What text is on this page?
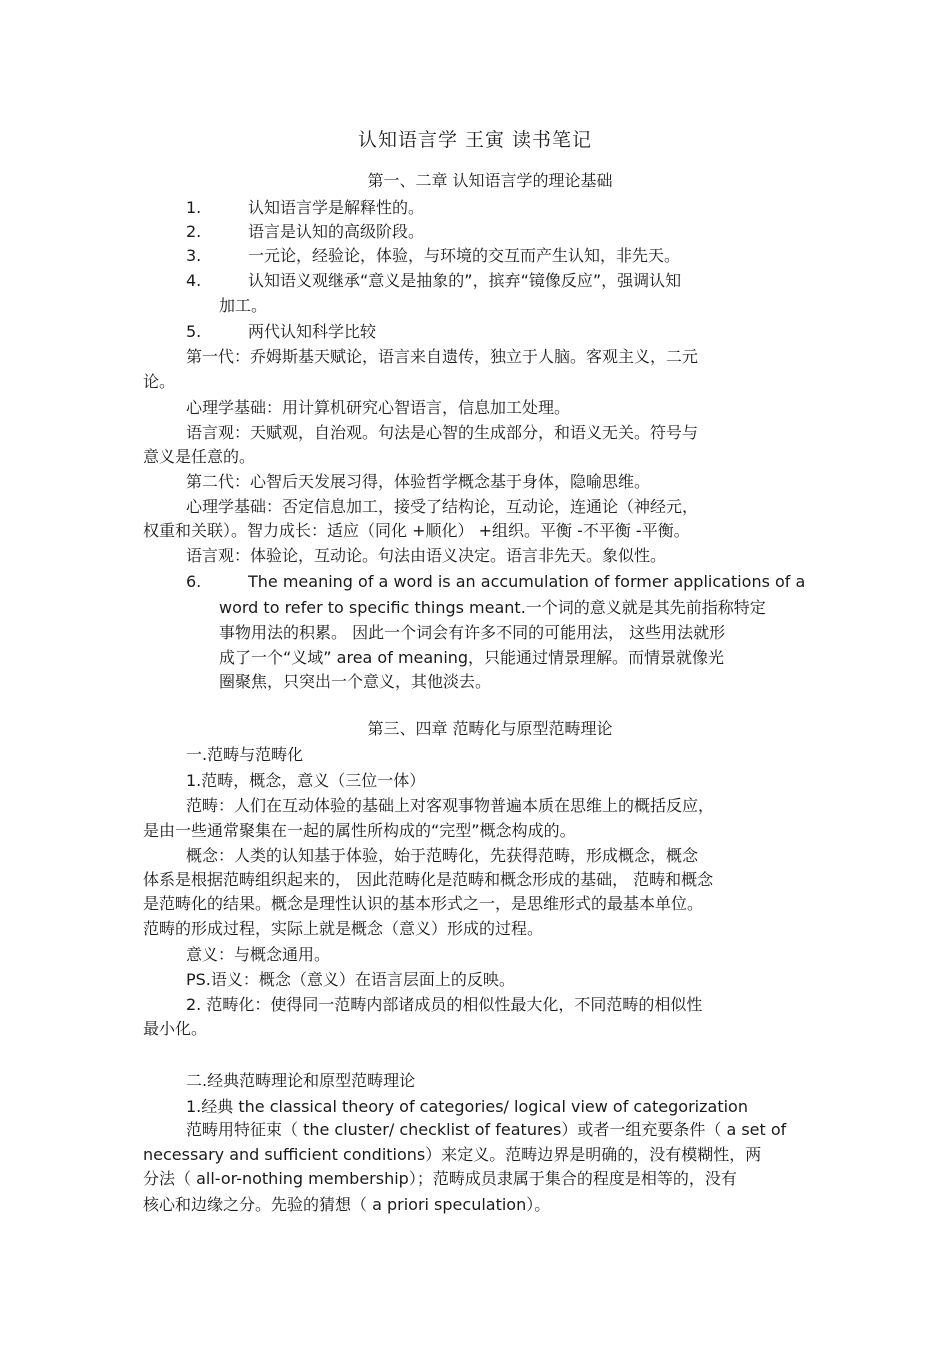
认知语言学 王寅 读书笔记
第一、二章 认知语言学的理论基础
1.	认知语言学是解释性的。
2.	语言是认知的高级阶段。
3.	一元论，经验论，体验，与环境的交互而产生认知，非先天。
4.	认知语义观继承“意义是抽象的”，摈弃“镜像反应”，强调认知
加工。
5.	两代认知科学比较
第一代：乔姆斯基天赋论，语言来自遗传，独立于人脑。客观主义，二元
论。
心理学基础：用计算机研究心智语言，信息加工处理。
语言观：天赋观，自治观。句法是心智的生成部分，和语义无关。符号与
意义是任意的。
第二代：心智后天发展习得，体验哲学概念基于身体，隐喻思维。
心理学基础：否定信息加工，接受了结构论，互动论，连通论（神经元，
权重和关联）。智力成长：适应（同化 +顺化） +组织。平衡 -不平衡 -平衡。
语言观：体验论，互动论。句法由语义决定。语言非先天。象似性。
6.	The meaning of a word is an accumulation of former applications of a
word to refer to specific things meant.一个词的意义就是其先前指称特定
事物用法的积累。 因此一个词会有许多不同的可能用法， 这些用法就形
成了一个“义域” area of meaning，只能通过情景理解。而情景就像光
圈聚焦，只突出一个意义，其他淡去。
第三、四章 范畴化与原型范畴理论
一.范畴与范畴化
1.范畴，概念，意义（三位一体）
范畴：人们在互动体验的基础上对客观事物普遍本质在思维上的概括反应，
是由一些通常聚集在一起的属性所构成的“完型”概念构成的。
概念：人类的认知基于体验，始于范畴化，先获得范畴，形成概念，概念
体系是根据范畴组织起来的， 因此范畴化是范畴和概念形成的基础， 范畴和概念
是范畴化的结果。概念是理性认识的基本形式之一，是思维形式的最基本单位。
范畴的形成过程，实际上就是概念（意义）形成的过程。
意义：与概念通用。
PS.语义：概念（意义）在语言层面上的反映。
2. 范畴化：使得同一范畴内部诸成员的相似性最大化，不同范畴的相似性
最小化。
二.经典范畴理论和原型范畴理论
1.经典 the classical theory of categories/ logical view of categorization
范畴用特征束（ the cluster/ checklist of features）或者一组充要条件（ a set of
necessary and sufficient conditions）来定义。范畴边界是明确的，没有模糊性，两
分法（ all-or-nothing membership）；范畴成员隶属于集合的程度是相等的，没有
核心和边缘之分。先验的猜想（ a priori speculation）。
